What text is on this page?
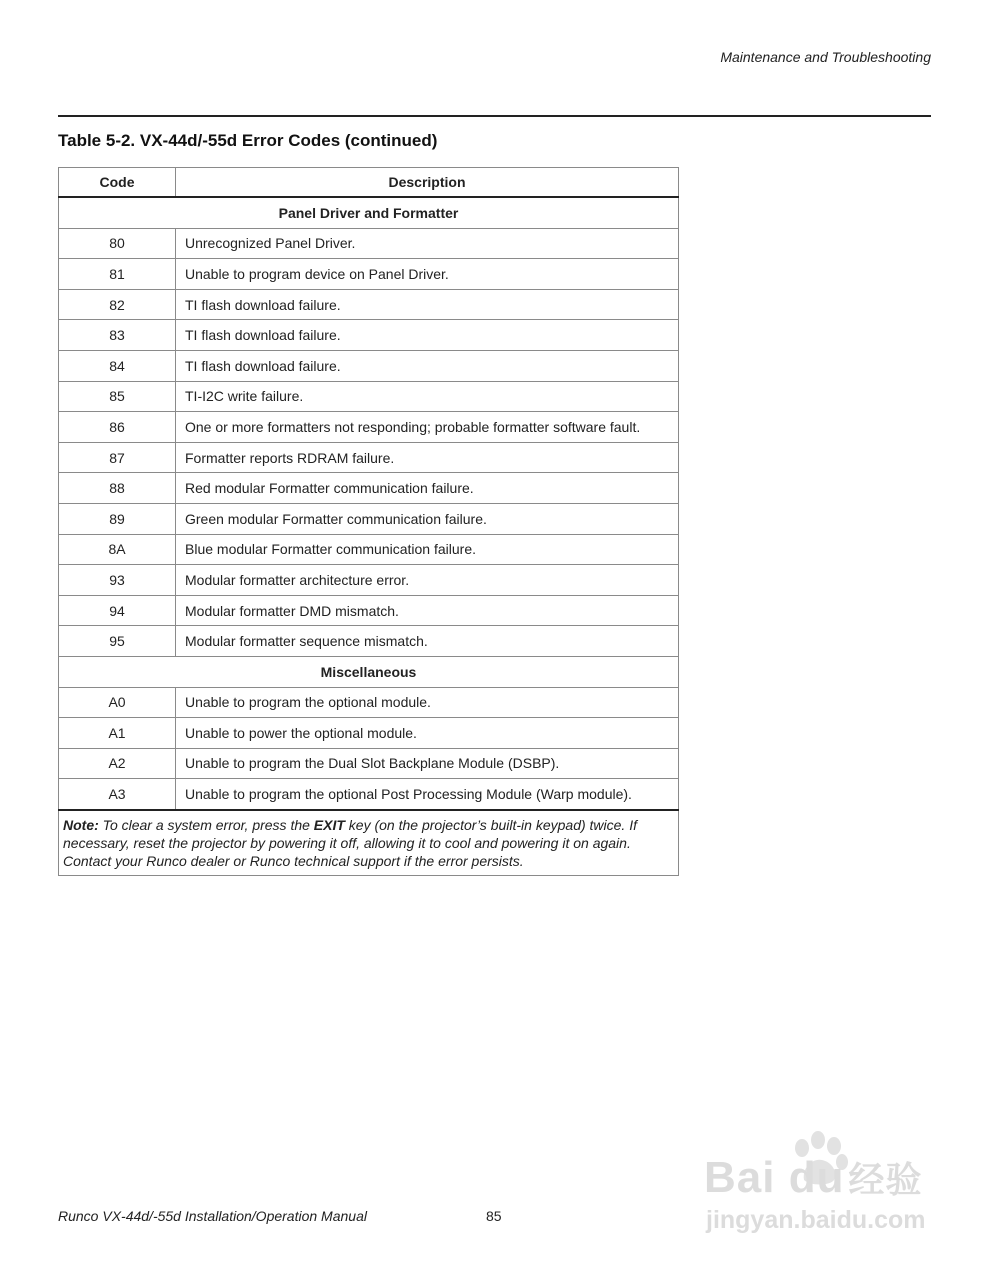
Maintenance and Troubleshooting
Table 5-2. VX-44d/-55d Error Codes (continued)
Code	Description
Panel Driver and Formatter	
80	Unrecognized Panel Driver.
81	Unable to program device on Panel Driver.
82	TI flash download failure.
83	TI flash download failure.
84	TI flash download failure.
85	TI-I2C write failure.
86	One or more formatters not responding; probable formatter software fault.
87	Formatter reports RDRAM failure.
88	Red modular Formatter communication failure.
89	Green modular Formatter communication failure.
8A	Blue modular Formatter communication failure.
93	Modular formatter architecture error.
94	Modular formatter DMD mismatch.
95	Modular formatter sequence mismatch.
Miscellaneous	
A0	Unable to program the optional module.
A1	Unable to power the optional module.
A2	Unable to program the Dual Slot Backplane Module (DSBP).
A3	Unable to program the optional Post Processing Module (Warp module).
Note: To clear a system error, press the EXIT key (on the projector’s built-in keypad) twice. If necessary, reset the projector by powering it off, allowing it to cool and powering it on again. Contact your Runco dealer or Runco technical support if the error persists.	
Runco VX-44d/-55d Installation/Operation Manual	85
Bai du 经验
jingyan.baidu.com
